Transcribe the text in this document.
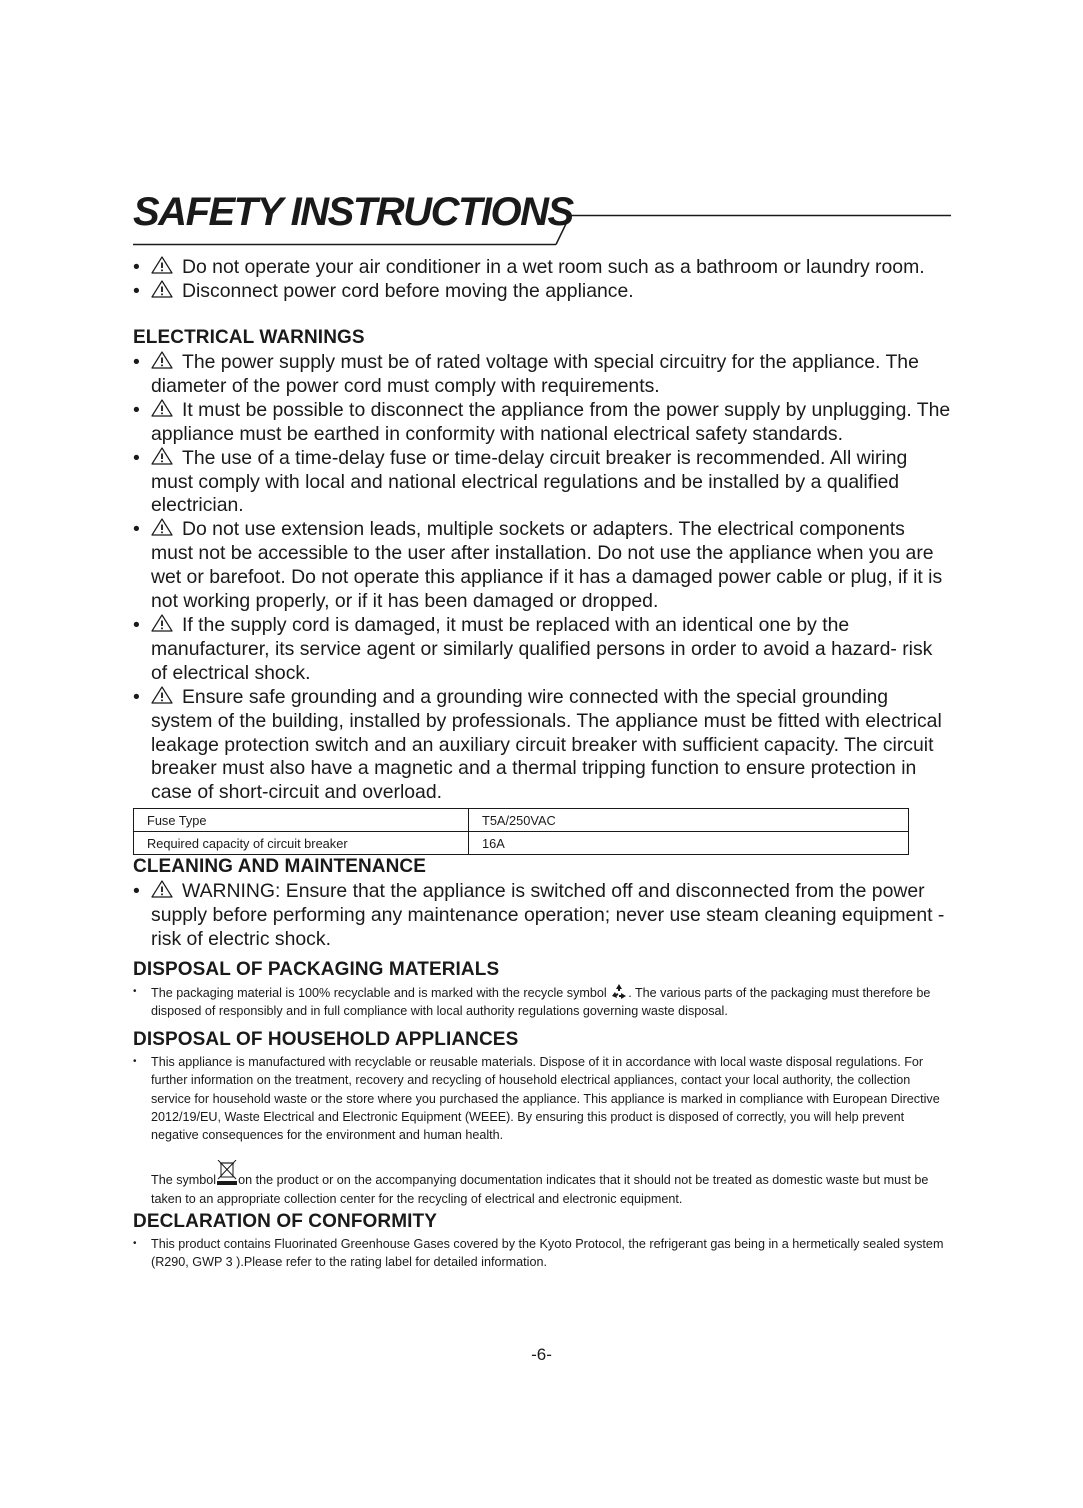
SAFETY INSTRUCTIONS
• Do not operate your air conditioner in a wet room such as a bathroom or laundry room.
• Disconnect power cord before moving the appliance.
ELECTRICAL WARNINGS
• The power supply must be of rated voltage with special circuitry for the appliance. The diameter of the power cord must comply with requirements.
• It must be possible to disconnect the appliance from the power supply by unplugging. The appliance must be earthed in conformity with national electrical safety standards.
• The use of a time-delay fuse or time-delay circuit breaker is recommended. All wiring must comply with local and national electrical regulations and be installed by a qualified electrician.
• Do not use extension leads, multiple sockets or adapters. The electrical components must not be accessible to the user after installation. Do not use the appliance when you are wet or barefoot. Do not operate this appliance if it has a damaged power cable or plug, if it is not working properly, or if it has been damaged or dropped.
• If the supply cord is damaged, it must be replaced with an identical one by the manufacturer, its service agent or similarly qualified persons in order to avoid a hazard- risk of electrical shock.
• Ensure safe grounding and a grounding wire connected with the special grounding system of the building, installed by professionals. The appliance must be fitted with electrical leakage protection switch and an auxiliary circuit breaker with sufficient capacity. The circuit breaker must also have a magnetic and a thermal tripping function to ensure protection in case of short-circuit and overload.
Fuse Type	T5A/250VAC
Required capacity of circuit breaker	16A
CLEANING AND MAINTENANCE
• WARNING: Ensure that the appliance is switched off and disconnected from the power supply before performing any maintenance operation; never use steam cleaning equipment - risk of electric shock.
DISPOSAL OF PACKAGING MATERIALS
• The packaging material is 100% recyclable and is marked with the recycle symbol . The various parts of the packaging must therefore be disposed of responsibly and in full compliance with local authority regulations governing waste disposal.
DISPOSAL OF HOUSEHOLD APPLIANCES
• This appliance is manufactured with recyclable or reusable materials. Dispose of it in accordance with local waste disposal regulations. For further information on the treatment, recovery and recycling of household electrical appliances, contact your local authority, the collection service for household waste or the store where you purchased the appliance. This appliance is marked in compliance with European Directive 2012/19/EU, Waste Electrical and Electronic Equipment (WEEE). By ensuring this product is disposed of correctly, you will help prevent negative consequences for the environment and human health.
The symbol on the product or on the accompanying documentation indicates that it should not be treated as domestic waste but must be taken to an appropriate collection center for the recycling of electrical and electronic equipment.
DECLARATION OF CONFORMITY
• This product contains Fluorinated Greenhouse Gases covered by the Kyoto Protocol, the refrigerant gas being in a hermetically sealed system (R290, GWP 3 ).Please refer to the rating label for detailed information.
-6-
